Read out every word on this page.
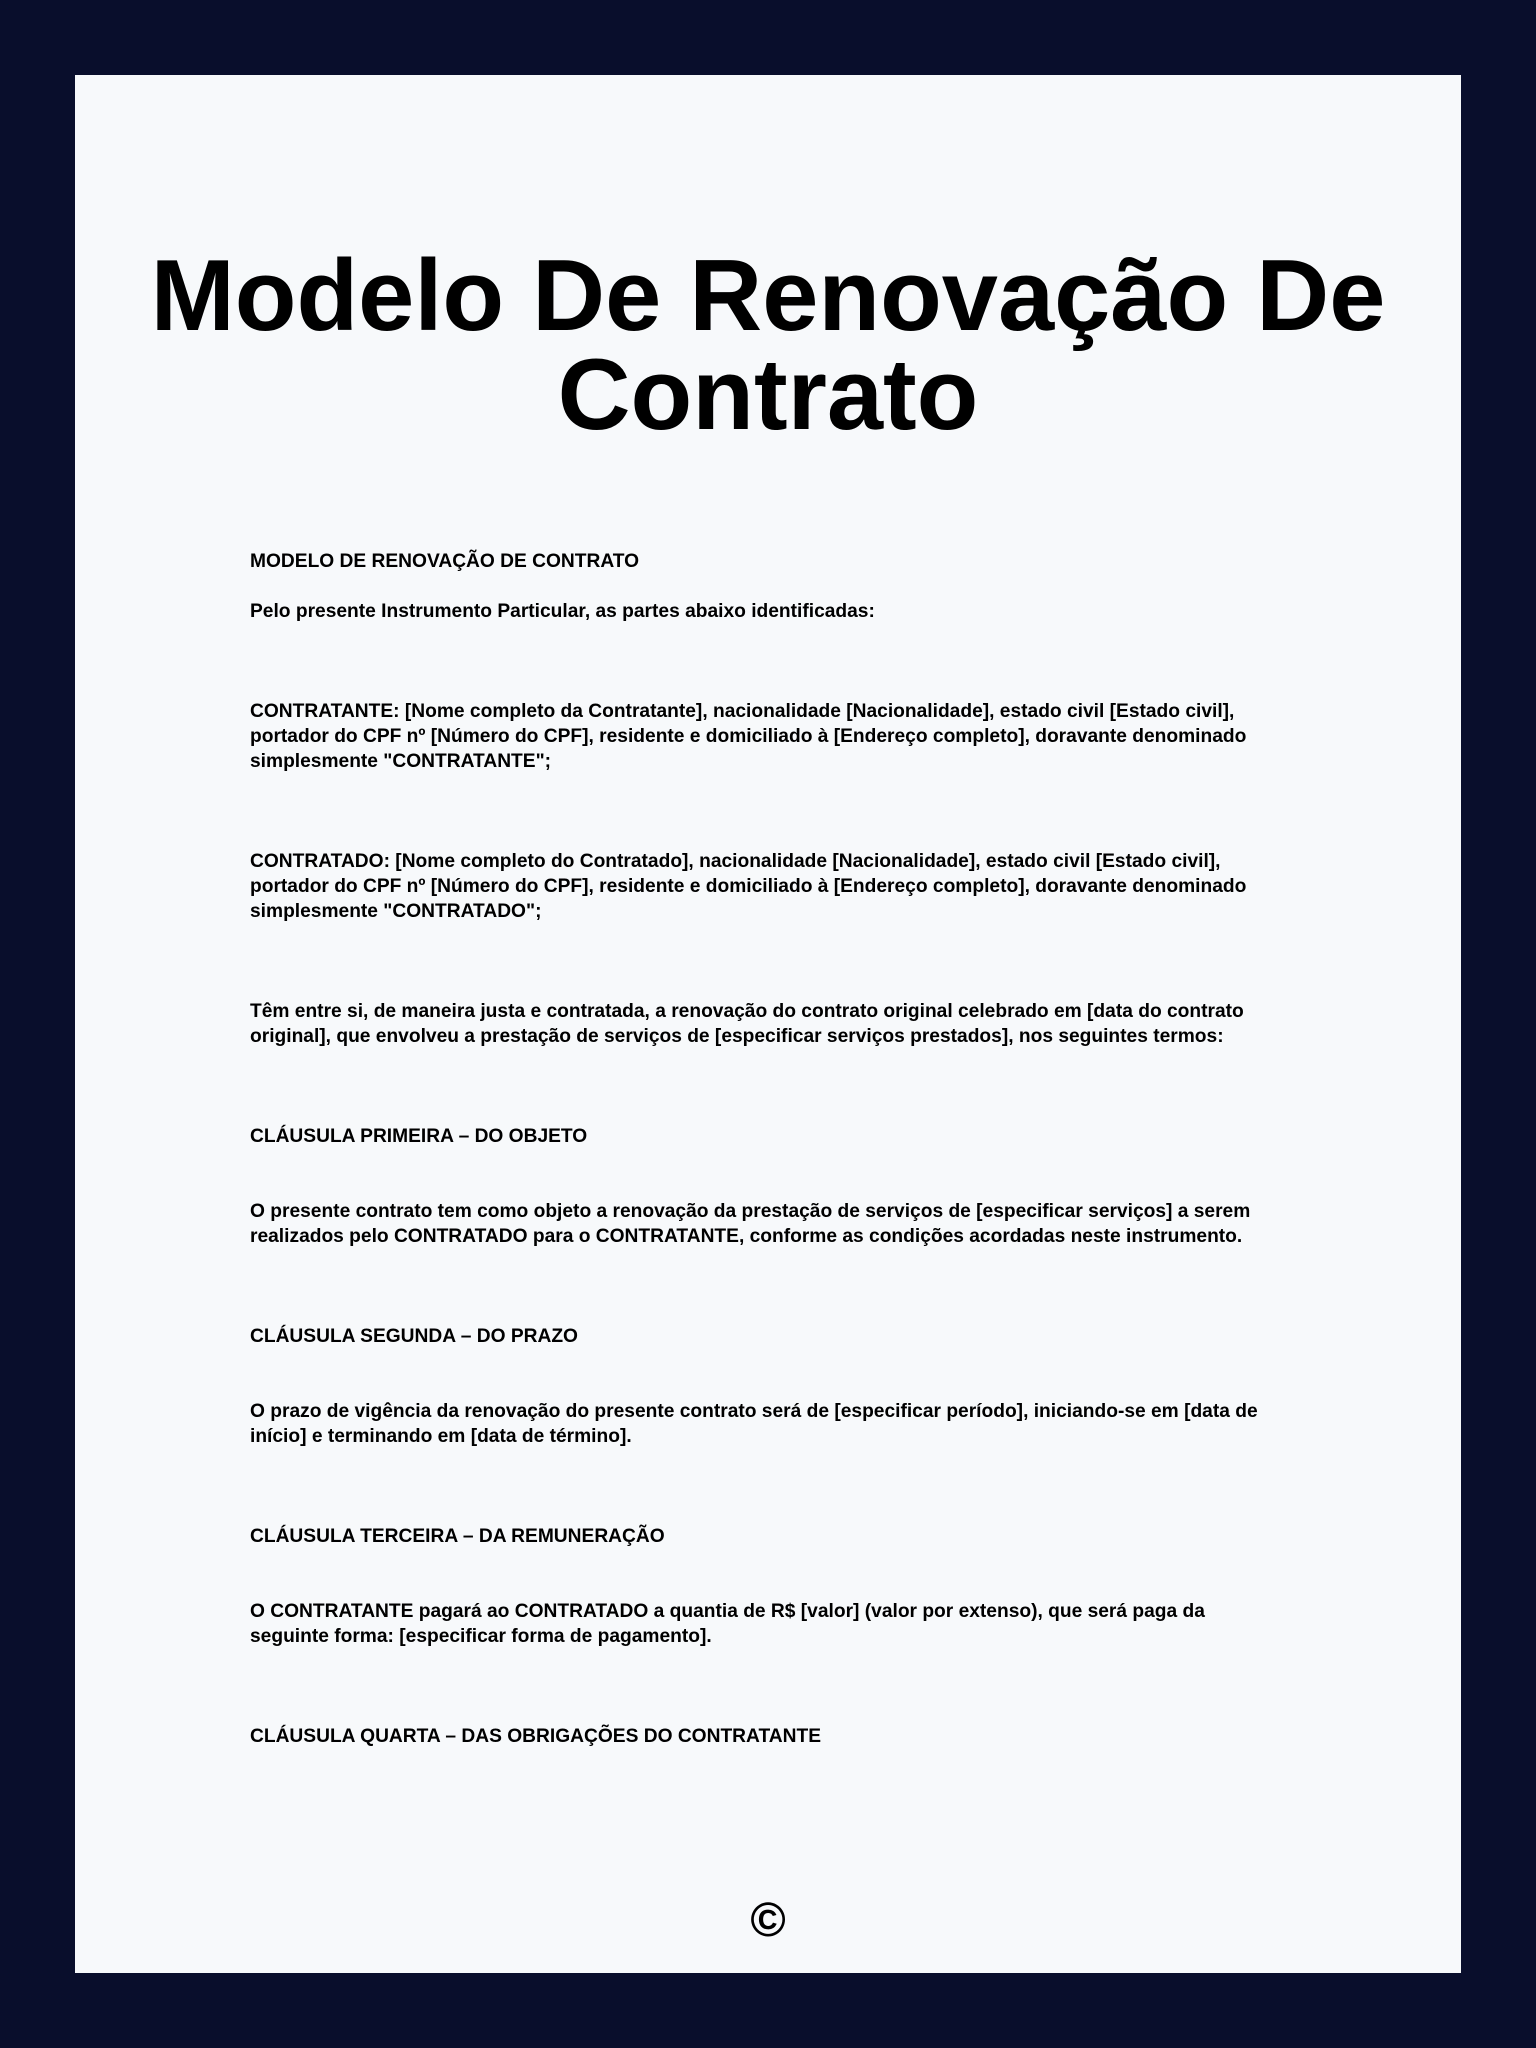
Modelo De Renovação De Contrato

MODELO DE RENOVAÇÃO DE CONTRATO

Pelo presente Instrumento Particular, as partes abaixo identificadas:

CONTRATANTE: [Nome completo da Contratante], nacionalidade [Nacionalidade], estado civil [Estado civil], portador do CPF nº [Número do CPF], residente e domiciliado à [Endereço completo], doravante denominado simplesmente "CONTRATANTE";

CONTRATADO: [Nome completo do Contratado], nacionalidade [Nacionalidade], estado civil [Estado civil], portador do CPF nº [Número do CPF], residente e domiciliado à [Endereço completo], doravante denominado simplesmente "CONTRATADO";

Têm entre si, de maneira justa e contratada, a renovação do contrato original celebrado em [data do contrato original], que envolveu a prestação de serviços de [especificar serviços prestados], nos seguintes termos:

CLÁUSULA PRIMEIRA – DO OBJETO

O presente contrato tem como objeto a renovação da prestação de serviços de [especificar serviços] a serem realizados pelo CONTRATADO para o CONTRATANTE, conforme as condições acordadas neste instrumento.

CLÁUSULA SEGUNDA – DO PRAZO

O prazo de vigência da renovação do presente contrato será de [especificar período], iniciando-se em [data de início] e terminando em [data de término].

CLÁUSULA TERCEIRA – DA REMUNERAÇÃO

O CONTRATANTE pagará ao CONTRATADO a quantia de R$ [valor] (valor por extenso), que será paga da seguinte forma: [especificar forma de pagamento].

CLÁUSULA QUARTA – DAS OBRIGAÇÕES DO CONTRATANTE

©
